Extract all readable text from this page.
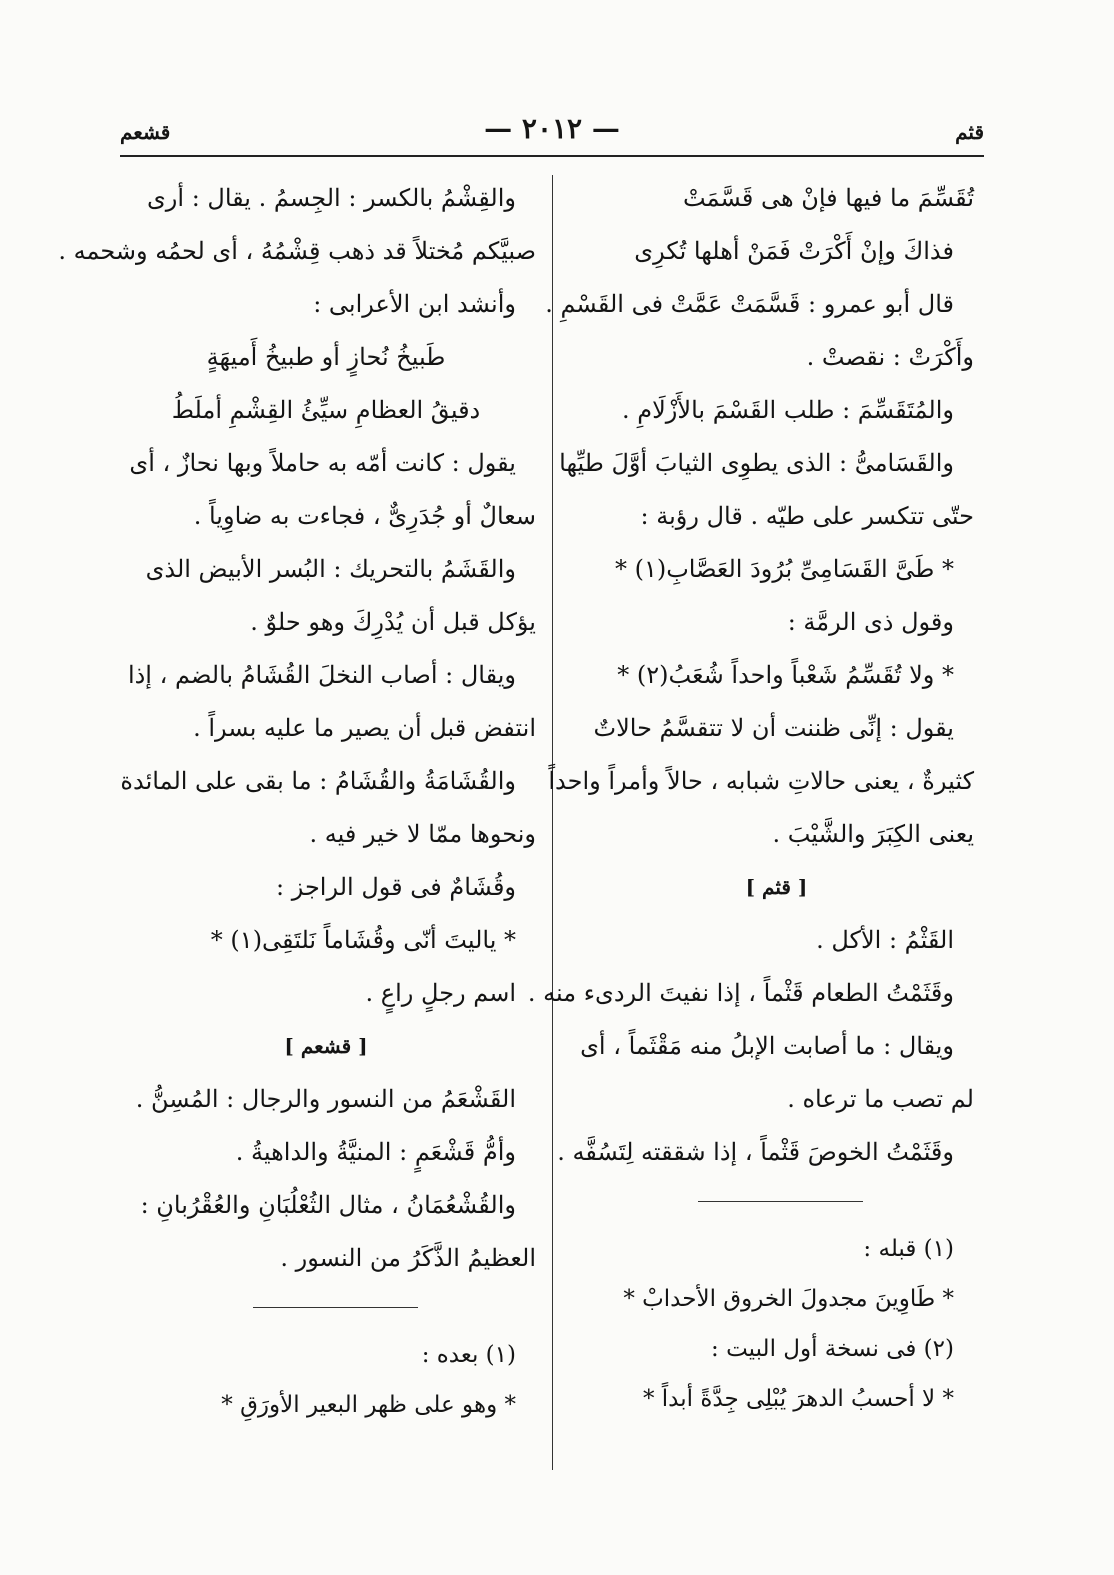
قثم
— ٢٠١٢ —
قشعم
تُقَسِّمَ ما فيها فإنْ هى قَسَّمَتْ
فذاكَ وإنْ أَكْرَتْ فَمَنْ أهلها تُكرِى
قال أبو عمرو : قَسَّمَتْ عَمَّتْ فى القَسْمِ .
وأَكْرَتْ : نقصتْ .
والمُتَقَسِّمَ : طلب القَسْمَ بالأَزْلَامِ .
والقَسَامىُّ : الذى يطوِى الثيابَ أوَّلَ طيِّها
حتّى تتكسر على طيّه . قال رؤبة :
* طَىَّ القَسَامِىِّ بُرُودَ العَصَّابِ(١) *
وقول ذى الرمَّة :
* ولا تُقَسِّمُ شَعْباً واحداً شُعَبُ(٢) *
يقول : إنِّى ظننت أن لا تتقسَّمُ حالاتٌ
كثيرةٌ ، يعنى حالاتِ شبابه ، حالاً وأمراً واحداً
يعنى الكِبَرَ والشَّيْبَ .
[ قثم ]
القَثْمُ : الأكل .
وقَثَمْتُ الطعام قَثْماً ، إذا نفيتَ الردىء منه .
ويقال : ما أصابت الإبلُ منه مَقْثَماً ، أى
لم تصب ما ترعاه .
وقَثَمْتُ الخوصَ قَثْماً ، إذا شققته لِتَسُفَّه .
(١) قبله :
* طَاوِينَ مجدولَ الخروق الأحدابْ *
(٢) فى نسخة أول البيت :
* لا أحسبُ الدهرَ يُبْلِى جِدَّةً أبداً *
والقِشْمُ بالكسر : الجِسمُ . يقال : أرى
صبيَّكم مُختلاً قد ذهب قِشْمُهُ ، أى لحمُه وشحمه .
وأنشد ابن الأعرابى :
طَبيخُ نُحازٍ أو طبيخُ أَميهَةٍ
دقيقُ العظامِ سيِّئُ القِشْمِ أملَطُ
يقول : كانت أمّه به حاملاً وبها نحازٌ ، أى
سعالٌ أو جُدَرِىٌّ ، فجاءت به ضاوِياً .
والقَشَمُ بالتحريك : البُسر الأبيض الذى
يؤكل قبل أن يُدْرِكَ وهو حلوٌ .
ويقال : أصاب النخلَ القُشَامُ بالضم ، إذا
انتفض قبل أن يصير ما عليه بسراً .
والقُشَامَةُ والقُشَامُ : ما بقى على المائدة
ونحوها ممّا لا خير فيه .
وقُشَامٌ فى قول الراجز :
* ياليتَ أنّى وقُشَاماً نَلتَقِى(١) *
اسم رجلٍ راعٍ .
[ قشعم ]
القَشْعَمُ من النسور والرجال : المُسِنُّ .
وأمُّ قَشْعَمٍ : المنيَّةُ والداهيةُ .
والقُشْعُمَانُ ، مثال الثُعْلُبَانِ والعُقْرُبانِ :
العظيمُ الذَّكَرُ من النسور .
(١) بعده :
* وهو على ظهر البعير الأورَقِ *
